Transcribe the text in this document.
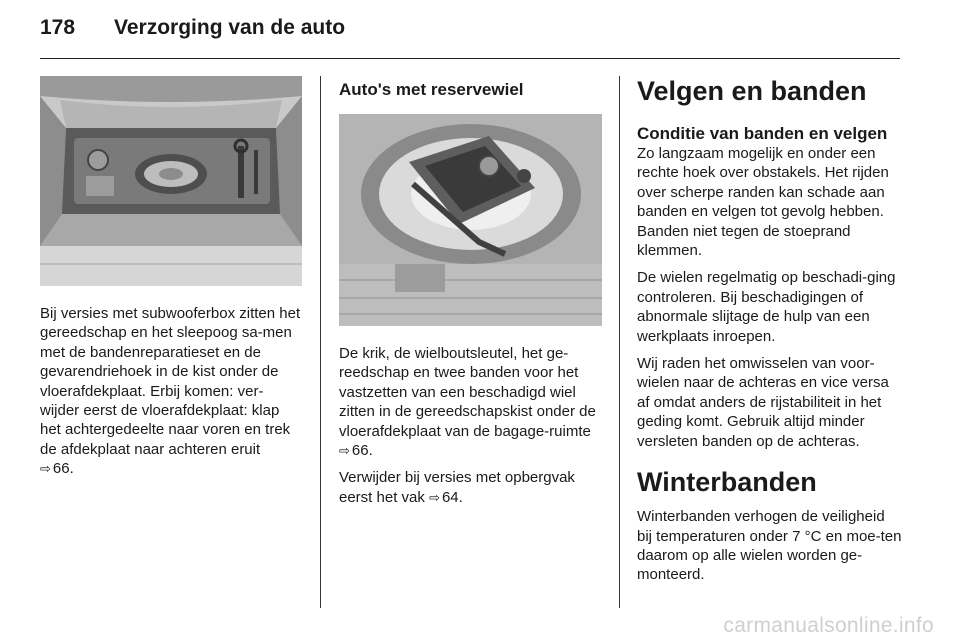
178	Verzorging van de auto

Bij versies met subwooferbox zitten het gereedschap en het sleepoog sa-men met de bandenreparatieset en de gevarendriehoek in de kist onder de vloerafdekplaat. Erbij komen: ver-wijder eerst de vloerafdekplaat: klap het achtergedeelte naar voren en trek de afdekplaat naar achteren eruit
⇨ 66.

Auto's met reservewiel

De krik, de wielboutsleutel, het ge-reedschap en twee banden voor het vastzetten van een beschadigd wiel zitten in de gereedschapskist onder de vloerafdekplaat van de bagage-ruimte ⇨ 66.

Verwijder bij versies met opbergvak eerst het vak ⇨ 64.

Velgen en banden
Conditie van banden en velgen

Zo langzaam mogelijk en onder een rechte hoek over obstakels. Het rijden over scherpe randen kan schade aan banden en velgen tot gevolg hebben. Banden niet tegen de stoeprand klemmen.

De wielen regelmatig op beschadi-ging controleren. Bij beschadigingen of abnormale slijtage de hulp van een werkplaats inroepen.

Wij raden het omwisselen van voor-wielen naar de achteras en vice versa af omdat anders de rijstabiliteit in het geding komt. Gebruik altijd minder versleten banden op de achteras.

Winterbanden

Winterbanden verhogen de veiligheid bij temperaturen onder 7 °C en moe-ten daarom op alle wielen worden ge-monteerd.

carmanualsonline.info
